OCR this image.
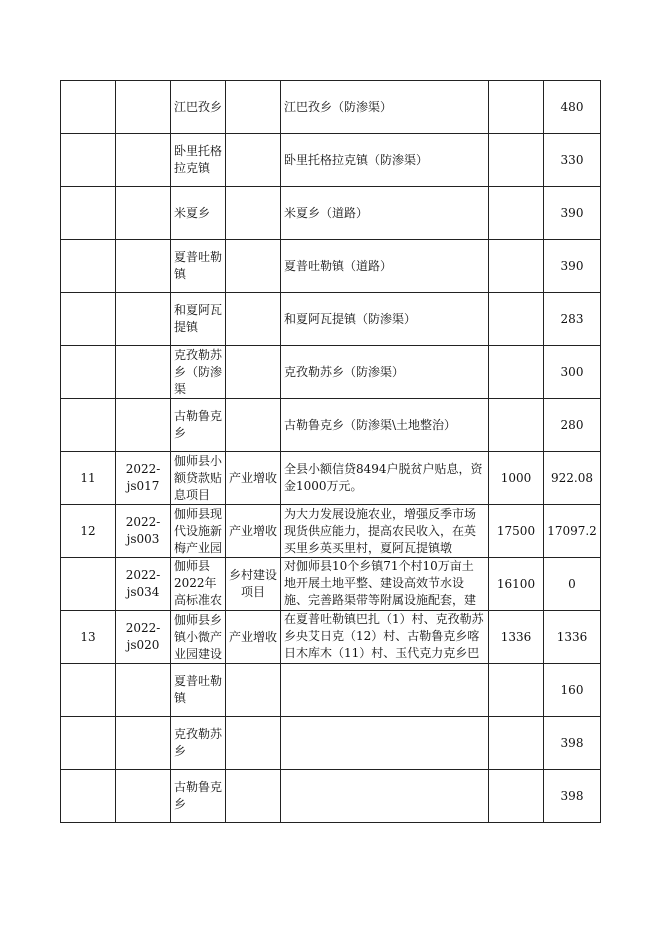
		江巴孜乡		江巴孜乡（防渗渠）		480

		卧里托格拉克镇		卧里托格拉克镇（防渗渠）		330

		米夏乡		米夏乡（道路）		390

		夏普吐勒镇		夏普吐勒镇（道路）		390

		和夏阿瓦提镇		和夏阿瓦提镇（防渗渠）		283

		克孜勒苏乡（防渗渠		克孜勒苏乡（防渗渠）		300

		古勒鲁克乡		古勒鲁克乡（防渗渠\土地整治）		280

11	2022-js017	伽师县小额贷款贴息项目	产业增收	全县小额信贷8494户脱贫户贴息，资金1000万元。	1000	922.08

12	2022-js003	伽师县现代设施新梅产业园	产业增收	为大力发展设施农业，增强反季市场现货供应能力，提高农民收入，在英买里乡英买里村，夏阿瓦提镇墩	17500	17097.2

	2022-js034	伽师县2022年高标准农	乡村建设项目	对伽师县10个乡镇71个村10万亩土地开展土地平整、建设高效节水设施、完善路渠带等附属设施配套，建	16100	0

13	2022-js020	伽师县乡镇小微产业园建设	产业增收	在夏普吐勒镇巴扎（1）村、克孜勒苏乡央艾日克（12）村、古勒鲁克乡喀日木库木（11）村、玉代克力克乡巴	1336	1336

		夏普吐勒镇				160

		克孜勒苏乡				398

		古勒鲁克乡				398
